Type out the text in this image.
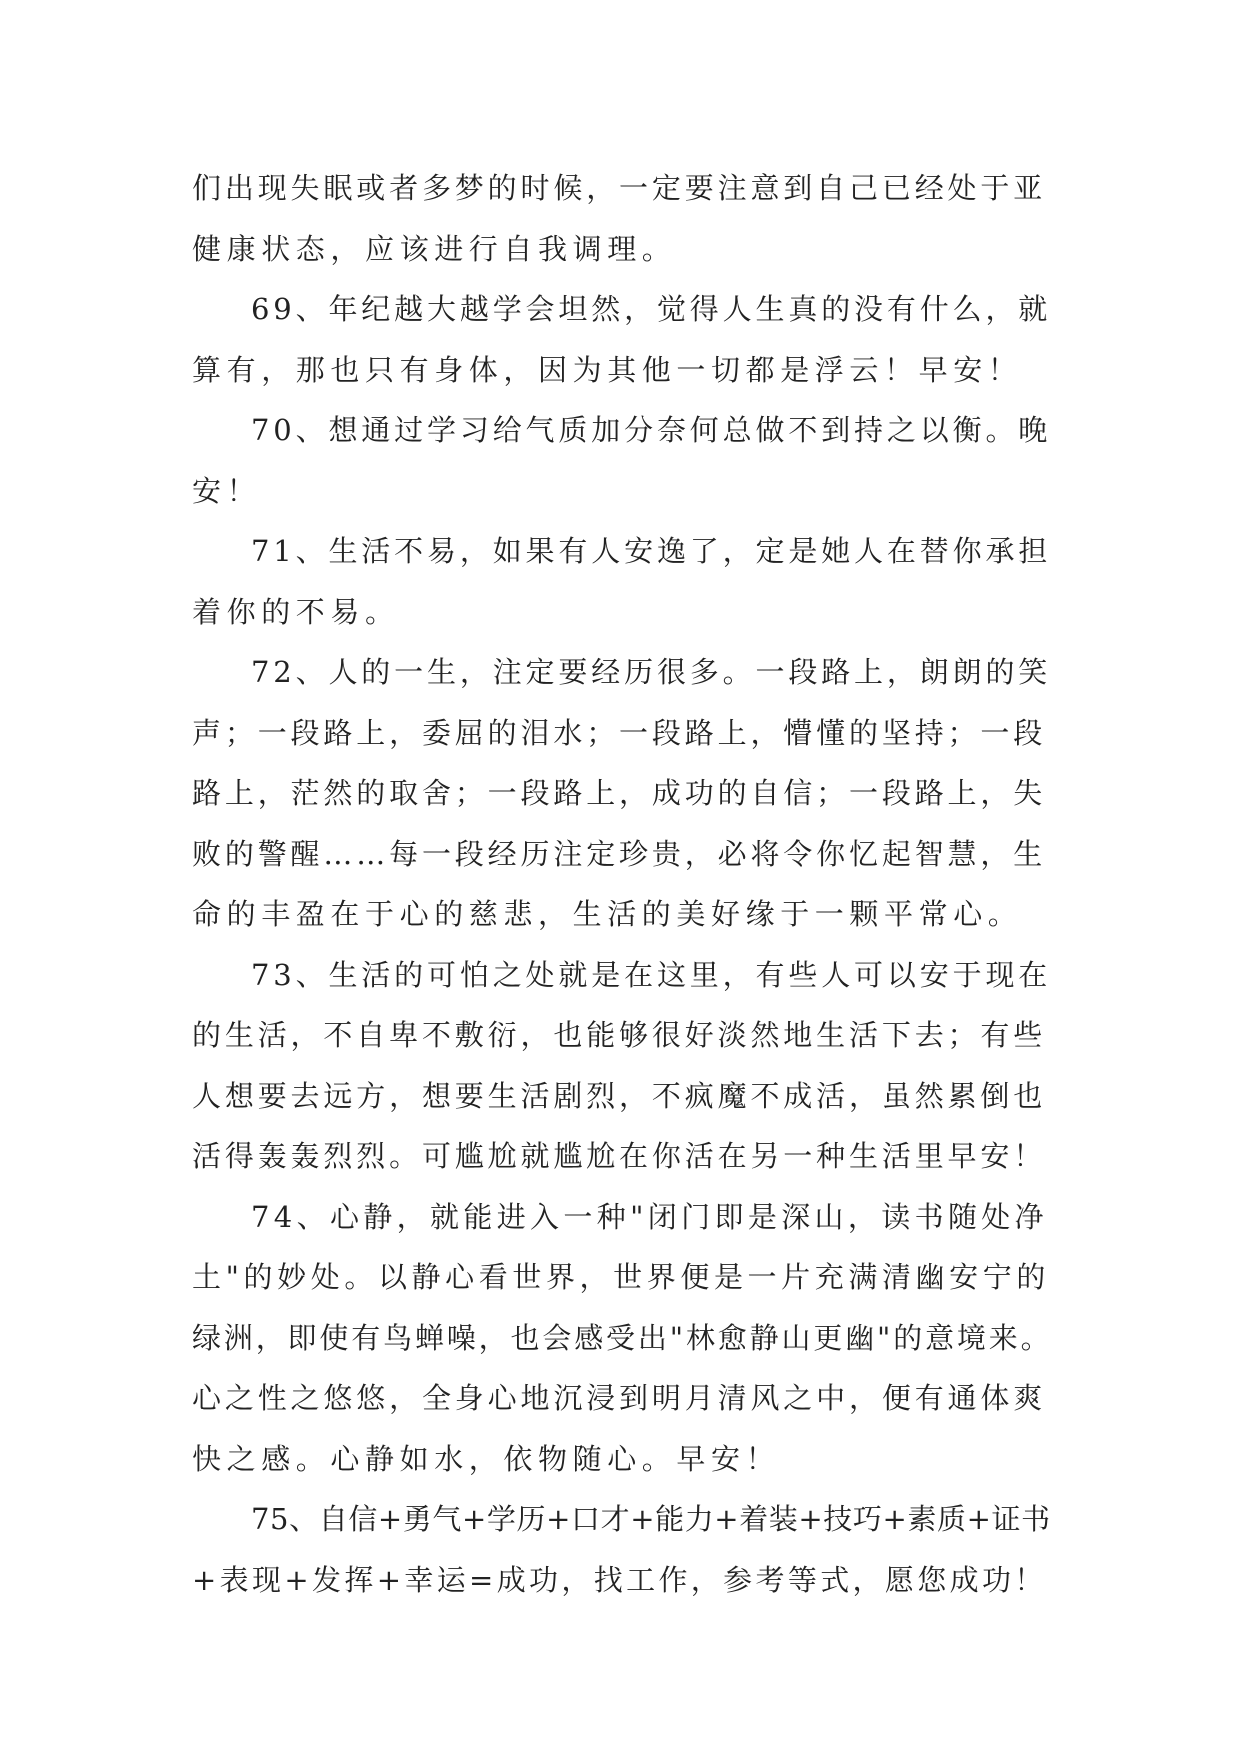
们出现失眠或者多梦的时候，一定要注意到自己已经处于亚
健康状态，应该进行自我调理。
69、年纪越大越学会坦然，觉得人生真的没有什么，就
算有，那也只有身体，因为其他一切都是浮云！早安！
70、想通过学习给气质加分奈何总做不到持之以衡。晚
安！
71、生活不易，如果有人安逸了，定是她人在替你承担
着你的不易。
72、人的一生，注定要经历很多。一段路上，朗朗的笑
声；一段路上，委屈的泪水；一段路上，懵懂的坚持；一段
路上，茫然的取舍；一段路上，成功的自信；一段路上，失
败的警醒……每一段经历注定珍贵，必将令你忆起智慧，生
命的丰盈在于心的慈悲，生活的美好缘于一颗平常心。
73、生活的可怕之处就是在这里，有些人可以安于现在
的生活，不自卑不敷衍，也能够很好淡然地生活下去；有些
人想要去远方，想要生活剧烈，不疯魔不成活，虽然累倒也
活得轰轰烈烈。可尴尬就尴尬在你活在另一种生活里早安！
74、心静，就能进入一种"闭门即是深山，读书随处净
土"的妙处。以静心看世界，世界便是一片充满清幽安宁的
绿洲，即使有鸟蝉噪，也会感受出"林愈静山更幽"的意境来。
心之性之悠悠，全身心地沉浸到明月清风之中，便有通体爽
快之感。心静如水，依物随心。早安！
75、自信+勇气+学历+口才+能力+着装+技巧+素质+证书
+表现+发挥+幸运=成功，找工作，参考等式，愿您成功！
